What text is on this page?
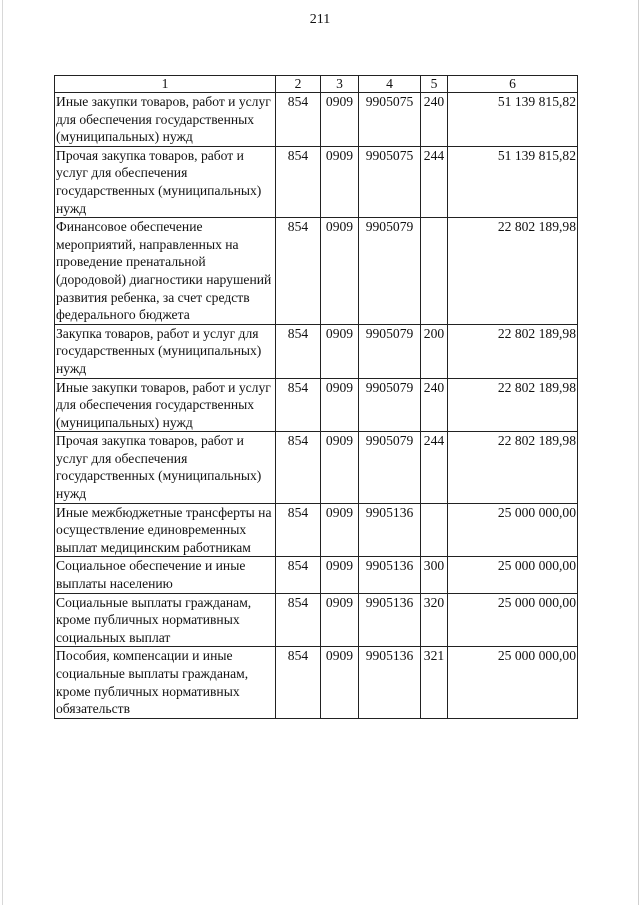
211
1	2	3	4	5	6
Иные закупки товаров, работ и услуг для обеспечения государственных (муниципальных) нужд	854	0909	9905075	240	51 139 815,82
Прочая закупка товаров, работ и услуг для обеспечения государственных (муниципальных) нужд	854	0909	9905075	244	51 139 815,82
Финансовое обеспечение мероприятий, направленных на проведение пренатальной (дородовой) диагностики нарушений развития ребенка, за счет средств федерального бюджета	854	0909	9905079		22 802 189,98
Закупка товаров, работ и услуг для государственных (муниципальных) нужд	854	0909	9905079	200	22 802 189,98
Иные закупки товаров, работ и услуг для обеспечения государственных (муниципальных) нужд	854	0909	9905079	240	22 802 189,98
Прочая закупка товаров, работ и услуг для обеспечения государственных (муниципальных) нужд	854	0909	9905079	244	22 802 189,98
Иные межбюджетные трансферты на осуществление единовременных выплат медицинским работникам	854	0909	9905136		25 000 000,00
Социальное обеспечение и иные выплаты населению	854	0909	9905136	300	25 000 000,00
Социальные выплаты гражданам, кроме публичных нормативных социальных выплат	854	0909	9905136	320	25 000 000,00
Пособия, компенсации и иные социальные выплаты гражданам, кроме публичных нормативных обязательств	854	0909	9905136	321	25 000 000,00
